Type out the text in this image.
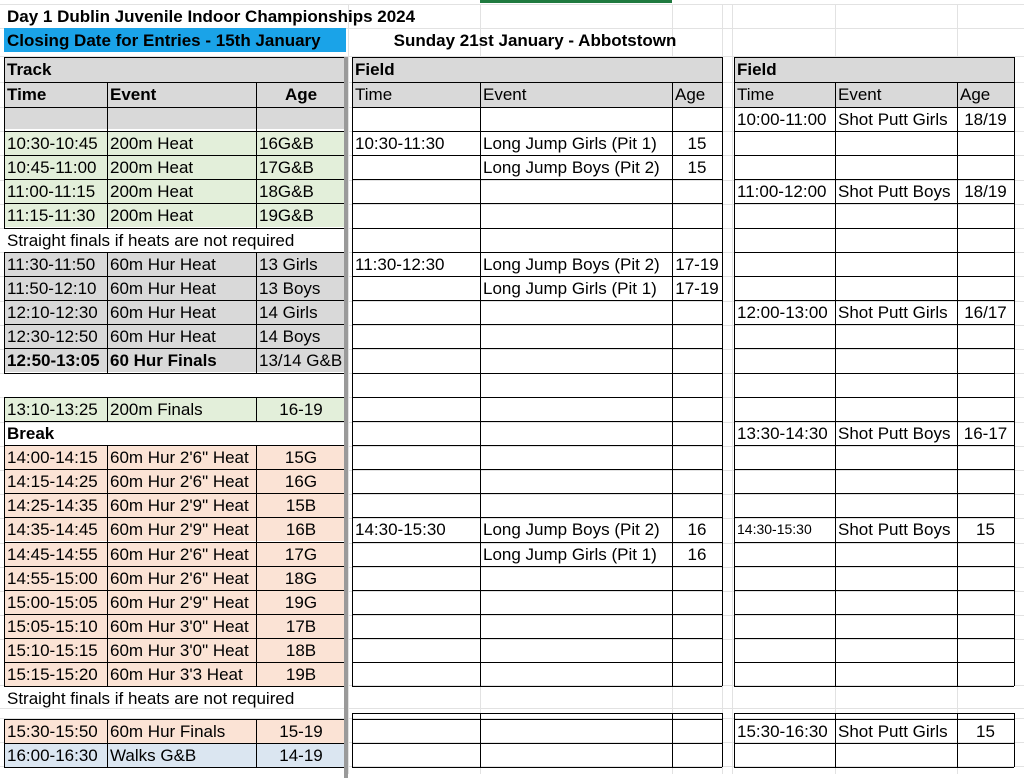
Day 1 Dublin Juvenile Indoor Championships 2024
Closing Date for Entries - 15th January	Sunday 21st January - Abbotstown
Track	Field	Field
Time	Event	Age	Time	Event	Age	Time	Event	Age
10:30-10:45 200m Heat	16G&B
10:45-11:00 200m Heat	17G&B
11:00-11:15 200m Heat	18G&B
11:15-11:30 200m Heat	19G&B
11:30-11:50 60m Hur Heat	13 Girls
11:50-12:10 60m Hur Heat	13 Boys
12:10-12:30 60m Hur Heat	14 Girls
12:30-12:50 60m Hur Heat	14 Boys
12:50-13:05 60 Hur Finals	13/14 G&B
13:10-13:25 200m Finals	16-19
14:00-14:15 60m Hur 2'6" Heat	15G
14:15-14:25 60m Hur 2'6" Heat	16G
14:25-14:35 60m Hur 2'9" Heat	15B
14:35-14:45 60m Hur 2'9" Heat	16B
14:45-14:55 60m Hur 2'6" Heat	17G
14:55-15:00 60m Hur 2'6" Heat	18G
15:00-15:05 60m Hur 2'9" Heat	19G
15:05-15:10 60m Hur 3'0" Heat	17B
15:10-15:15 60m Hur 3'0" Heat	18B
15:15-15:20 60m Hur 3'3 Heat	19B
15:30-15:50 60m Hur Finals	15-19
16:00-16:30 Walks G&B	14-19
Straight finals if heats are not required
Straight finals if heats are not required
Break
10:30-11:30	Long Jump Girls (Pit 1)	15
Long Jump Boys (Pit 2)	15
11:30-12:30	Long Jump Boys (Pit 2) 17-19
Long Jump Girls (Pit 1)	17-19
14:30-15:30	Long Jump Boys (Pit 2)	16
Long Jump Girls (Pit 1)	16
10:00-11:00 Shot Putt Girls 18/19
11:00-12:00 Shot Putt Boys 18/19
12:00-13:00 Shot Putt Girls 16/17
13:30-14:30 Shot Putt Boys 16-17
14:30-15:30	Shot Putt Boys	15
15:30-16:30 Shot Putt Girls	15
